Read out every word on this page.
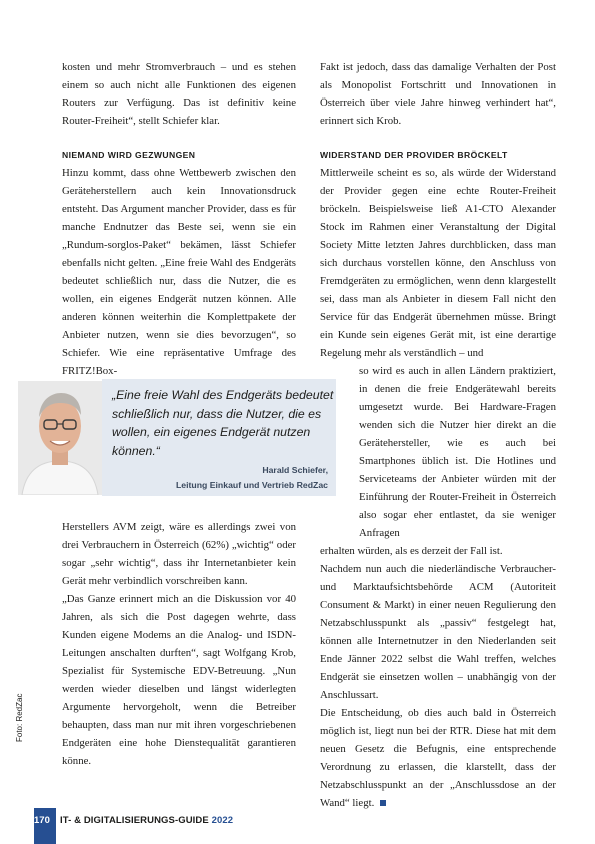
kosten und mehr Stromverbrauch – und es stehen einem so auch nicht alle Funktionen des eigenen Routers zur Verfügung. Das ist definitiv keine Router-Freiheit“, stellt Schiefer klar.

NIEMAND WIRD GEZWUNGEN

Hinzu kommt, dass ohne Wettbewerb zwischen den Geräteherstellern auch kein Innovationsdruck entsteht. Das Argument mancher Provider, dass es für manche Endnutzer das Beste sei, wenn sie ein „Rundum-sorglos-Paket“ bekämen, lässt Schiefer ebenfalls nicht gelten. „Eine freie Wahl des Endgeräts bedeutet schließlich nur, dass die Nutzer, die es wollen, ein eigenes Endgerät nutzen können. Alle anderen können weiterhin die Komplettpakete der Anbieter nutzen, wenn sie dies bevorzugen“, so Schiefer. Wie eine repräsentative Umfrage des FRITZ!Box-

Herstellers AVM zeigt, wäre es allerdings zwei von drei Verbrauchern in Österreich (62%) „wichtig“ oder sogar „sehr wichtig“, dass ihr Internetanbieter kein Gerät mehr verbindlich vorschreiben kann.

„Das Ganze erinnert mich an die Diskussion vor 40 Jahren, als sich die Post dagegen wehrte, dass Kunden eigene Modems an die Analog- und ISDN-Leitungen anschalten durften“, sagt Wolfgang Krob, Spezialist für Systemische EDV-Betreuung. „Nun werden wieder dieselben und längst widerlegten Argumente hervorgeholt, wenn die Betreiber behaupten, dass man nur mit ihren vorgeschriebenen Endgeräten eine hohe Dienstequalität garantieren könne.

„Eine freie Wahl des Endgeräts bedeutet schließlich nur, dass die Nutzer, die es wollen, ein eigenes Endgerät nutzen können.“
Harald Schiefer,
Leitung Einkauf und Vertrieb RedZac

Fakt ist jedoch, dass das damalige Verhalten der Post als Monopolist Fortschritt und Innovationen in Österreich über viele Jahre hinweg verhindert hat“, erinnert sich Krob.

WIDERSTAND DER PROVIDER BRÖCKELT

Mittlerweile scheint es so, als würde der Widerstand der Provider gegen eine echte Router-Freiheit bröckeln. Beispielsweise ließ A1-CTO Alexander Stock im Rahmen einer Veranstaltung der Digital Society Mitte letzten Jahres durchblicken, dass man sich durchaus vorstellen könne, den Anschluss von Fremdgeräten zu ermöglichen, wenn denn klargestellt sei, dass man als Anbieter in diesem Fall nicht den Service für das Endgerät übernehmen müsse. Bringt ein Kunde sein eigenes Gerät mit, ist eine derartige Regelung mehr als verständlich – und

so wird es auch in allen Ländern praktiziert, in denen die freie Endgerätewahl bereits umgesetzt wurde. Bei Hardware-Fragen wenden sich die Nutzer hier direkt an die Gerätehersteller, wie es auch bei Smartphones üblich ist. Die Hotlines und Serviceteams der Anbieter würden mit der Einführung der Router-Freiheit in Österreich also sogar eher entlastet, da sie weniger Anfragen

erhalten würden, als es derzeit der Fall ist.

Nachdem nun auch die niederländische Verbraucher- und Marktaufsichtsbehörde ACM (Autoriteit Consument & Markt) in einer neuen Regulierung den Netzabschlusspunkt als „passiv“ festgelegt hat, können alle Internetnutzer in den Niederlanden seit Ende Jänner 2022 selbst die Wahl treffen, welches Endgerät sie einsetzen wollen – unabhängig von der Anschlussart.

Die Entscheidung, ob dies auch bald in Österreich möglich ist, liegt nun bei der RTR. Diese hat mit dem neuen Gesetz die Befugnis, eine entsprechende Verordnung zu erlassen, die klarstellt, dass der Netzabschlusspunkt an der „Anschlussdose an der Wand“ liegt.

Foto: RedZac
170 IT- & DIGITALISIERUNGS-GUIDE 2022
